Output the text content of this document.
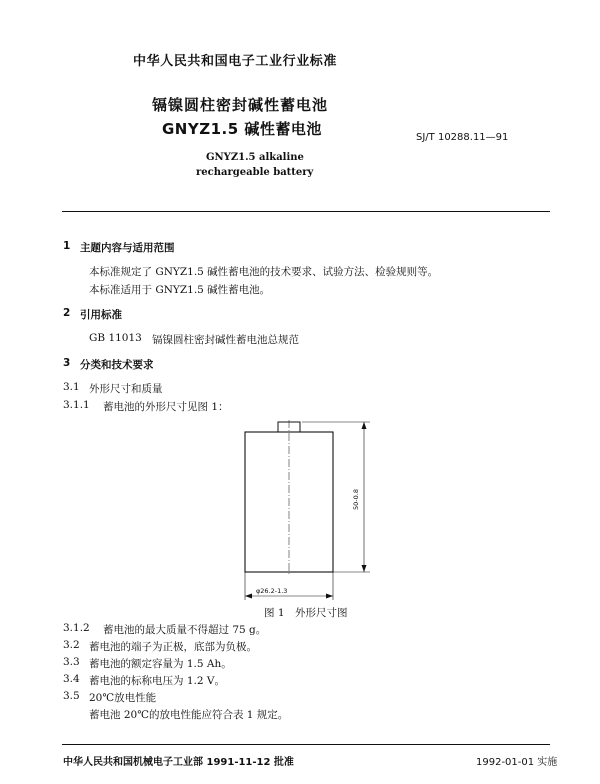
中华人民共和国电子工业行业标准
镉镍圆柱密封碱性蓄电池
GNYZ1.5 碱性蓄电池	SJ/T 10288.11—91
GNYZ1.5 alkaline
rechargeable battery
1 主题内容与适用范围
本标准规定了 GNYZ1.5 碱性蓄电池的技术要求、试验方法、检验规则等。
本标准适用于 GNYZ1.5 碱性蓄电池。
2 引用标准
GB 11013 镉镍圆柱密封碱性蓄电池总规范
3 分类和技术要求
3.1 外形尺寸和质量
3.1.1 蓄电池的外形尺寸见图 1：
50-0.8
φ26.2-1.3
图 1　外形尺寸图
3.1.2 蓄电池的最大质量不得超过 75 g。
3.2 蓄电池的端子为正极，底部为负极。
3.3 蓄电池的额定容量为 1.5 Ah。
3.4 蓄电池的标称电压为 1.2 V。
3.5 20℃放电性能
蓄电池 20℃的放电性能应符合表 1 规定。
中华人民共和国机械电子工业部 1991-11-12 批准	1992-01-01 实施
